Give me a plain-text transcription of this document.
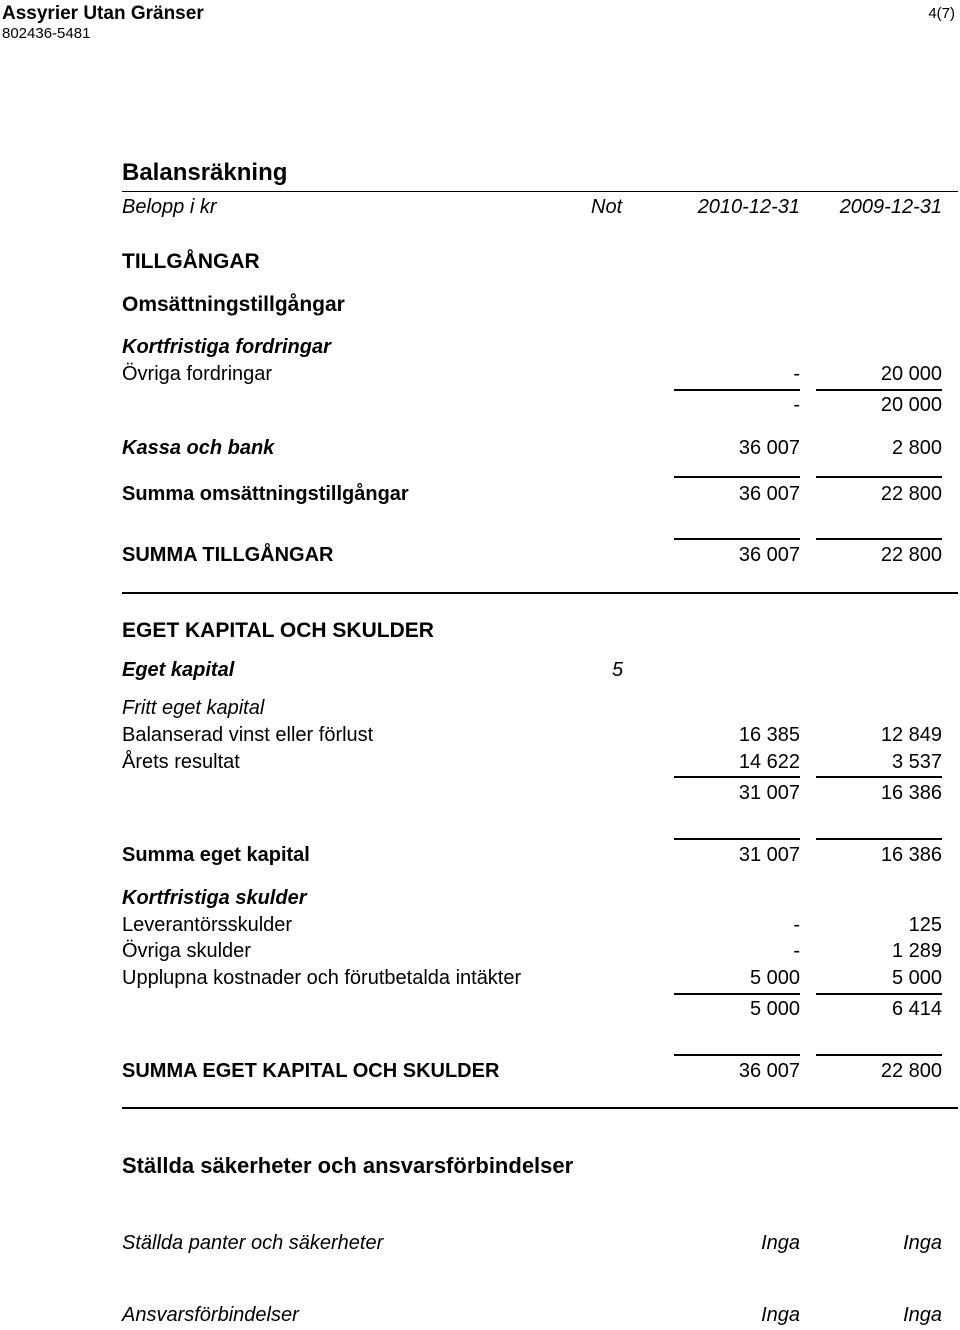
Assyrier Utan Gränser
802436-5481
4(7)
Balansräkning
Belopp i kr	Not	2010-12-31 2009-12-31
TILLGÅNGAR
Omsättningstillgångar
Kortfristiga fordringar
Övriga fordringar	-	20 000
-	20 000
Kassa och bank	36 007	2 800
Summa omsättningstillgångar	36 007	22 800
SUMMA TILLGÅNGAR	36 007	22 800
EGET KAPITAL OCH SKULDER
Eget kapital	5
Fritt eget kapital
Balanserad vinst eller förlust	16 385	12 849
Årets resultat	14 622	3 537
31 007	16 386
Summa eget kapital	31 007	16 386
Kortfristiga skulder
Leverantörsskulder	-	125
Övriga skulder	-	1 289
Upplupna kostnader och förutbetalda intäkter	5 000	5 000
5 000	6 414
SUMMA EGET KAPITAL OCH SKULDER	36 007	22 800
Ställda säkerheter och ansvarsförbindelser
Ställda panter och säkerheter	Inga	Inga
Ansvarsförbindelser	Inga	Inga
